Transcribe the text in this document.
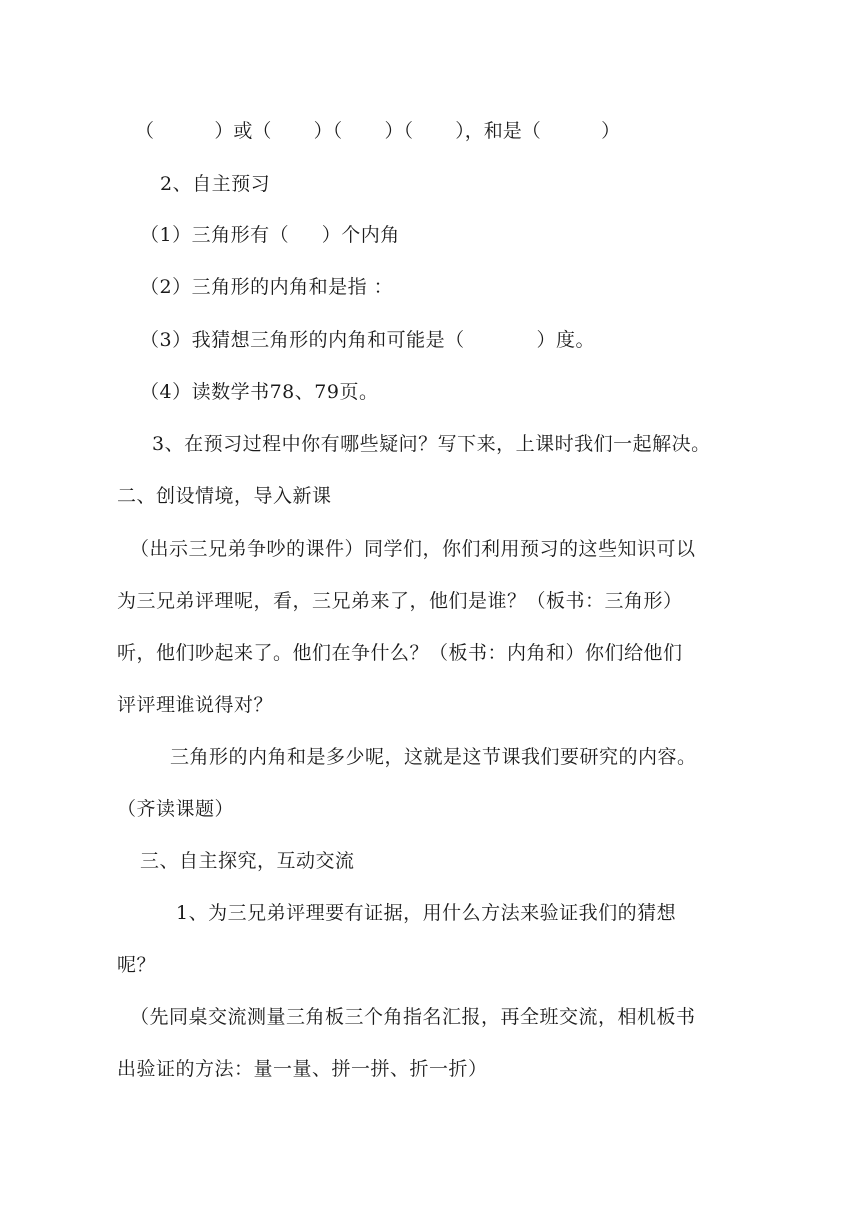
（          ）或（       ）（       ）（       ），和是（          ）
2、自主预习
（1）三角形有（     ）个内角
（2）三角形的内角和是指 ：
（3）我猜想三角形的内角和可能是（           ）度。
（4）读数学书78、79页。
3、在预习过程中你有哪些疑问？写下来，上课时我们一起解决。
二、创设情境，导入新课
（出示三兄弟争吵的课件）同学们，你们利用预习的这些知识可以
为三兄弟评理呢，看，三兄弟来了，他们是谁？（板书：三角形）
听，他们吵起来了。他们在争什么？（板书：内角和）你们给他们
评评理谁说得对？
三角形的内角和是多少呢，这就是这节课我们要研究的内容。
（齐读课题）
三、自主探究，互动交流
1、为三兄弟评理要有证据，用什么方法来验证我们的猜想
呢？
（先同桌交流测量三角板三个角指名汇报，再全班交流，相机板书
出验证的方法：量一量、拼一拼、折一折）
